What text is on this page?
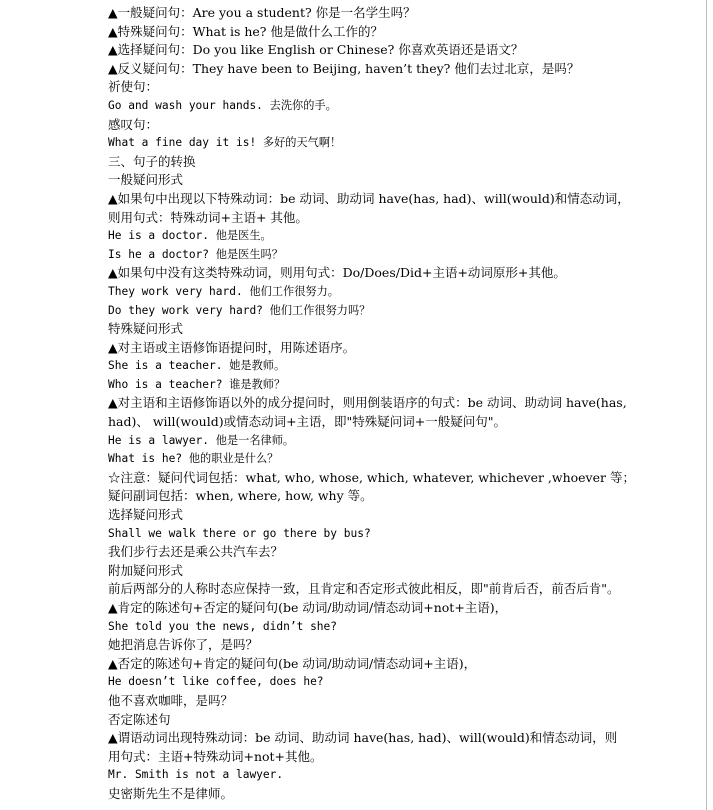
▲一般疑问句：Are you a student? 你是一名学生吗？
▲特殊疑问句：What is he? 他是做什么工作的？
▲选择疑问句：Do you like English or Chinese? 你喜欢英语还是语文？
▲反义疑问句：They have been to Beijing, haven’t they? 他们去过北京，是吗？
祈使句：
Go and wash your hands. 去洗你的手。
感叹句：
What a fine day it is! 多好的天气啊！
三、句子的转换
一般疑问形式
▲如果句中出现以下特殊动词：be 动词、助动词 have(has, had)、will(would)和情态动词，
则用句式：特殊动词+主语+ 其他。
He is a doctor. 他是医生。
Is he a doctor? 他是医生吗？
▲如果句中没有这类特殊动词，则用句式：Do/Does/Did+主语+动词原形+其他。
They work very hard. 他们工作很努力。
Do they work very hard? 他们工作很努力吗？
特殊疑问形式
▲对主语或主语修饰语提问时，用陈述语序。
She is a teacher. 她是教师。
Who is a teacher? 谁是教师？
▲对主语和主语修饰语以外的成分提问时，则用倒装语序的句式：be 动词、助动词 have(has,
had)、 will(would)或情态动词+主语，即"特殊疑问词+一般疑问句"。
He is a lawyer. 他是一名律师。
What is he? 他的职业是什么？
☆注意：疑问代词包括：what, who, whose, which, whatever, whichever ,whoever 等；
疑问副词包括：when, where, how, why 等。
选择疑问形式
Shall we walk there or go there by bus?
我们步行去还是乘公共汽车去？
附加疑问形式
前后两部分的人称时态应保持一致，且肯定和否定形式彼此相反，即"前肯后否，前否后肯"。
▲肯定的陈述句+否定的疑问句(be 动词/助动词/情态动词+not+主语)，
She told you the news, didn’t she?
她把消息告诉你了，是吗？
▲否定的陈述句+肯定的疑问句(be 动词/助动词/情态动词+主语)，
He doesn’t like coffee, does he?
他不喜欢咖啡，是吗？
否定陈述句
▲谓语动词出现特殊动词：be 动词、助动词 have(has, had)、will(would)和情态动词，则
用句式：主语+特殊动词+not+其他。
Mr. Smith is not a lawyer.
史密斯先生不是律师。
